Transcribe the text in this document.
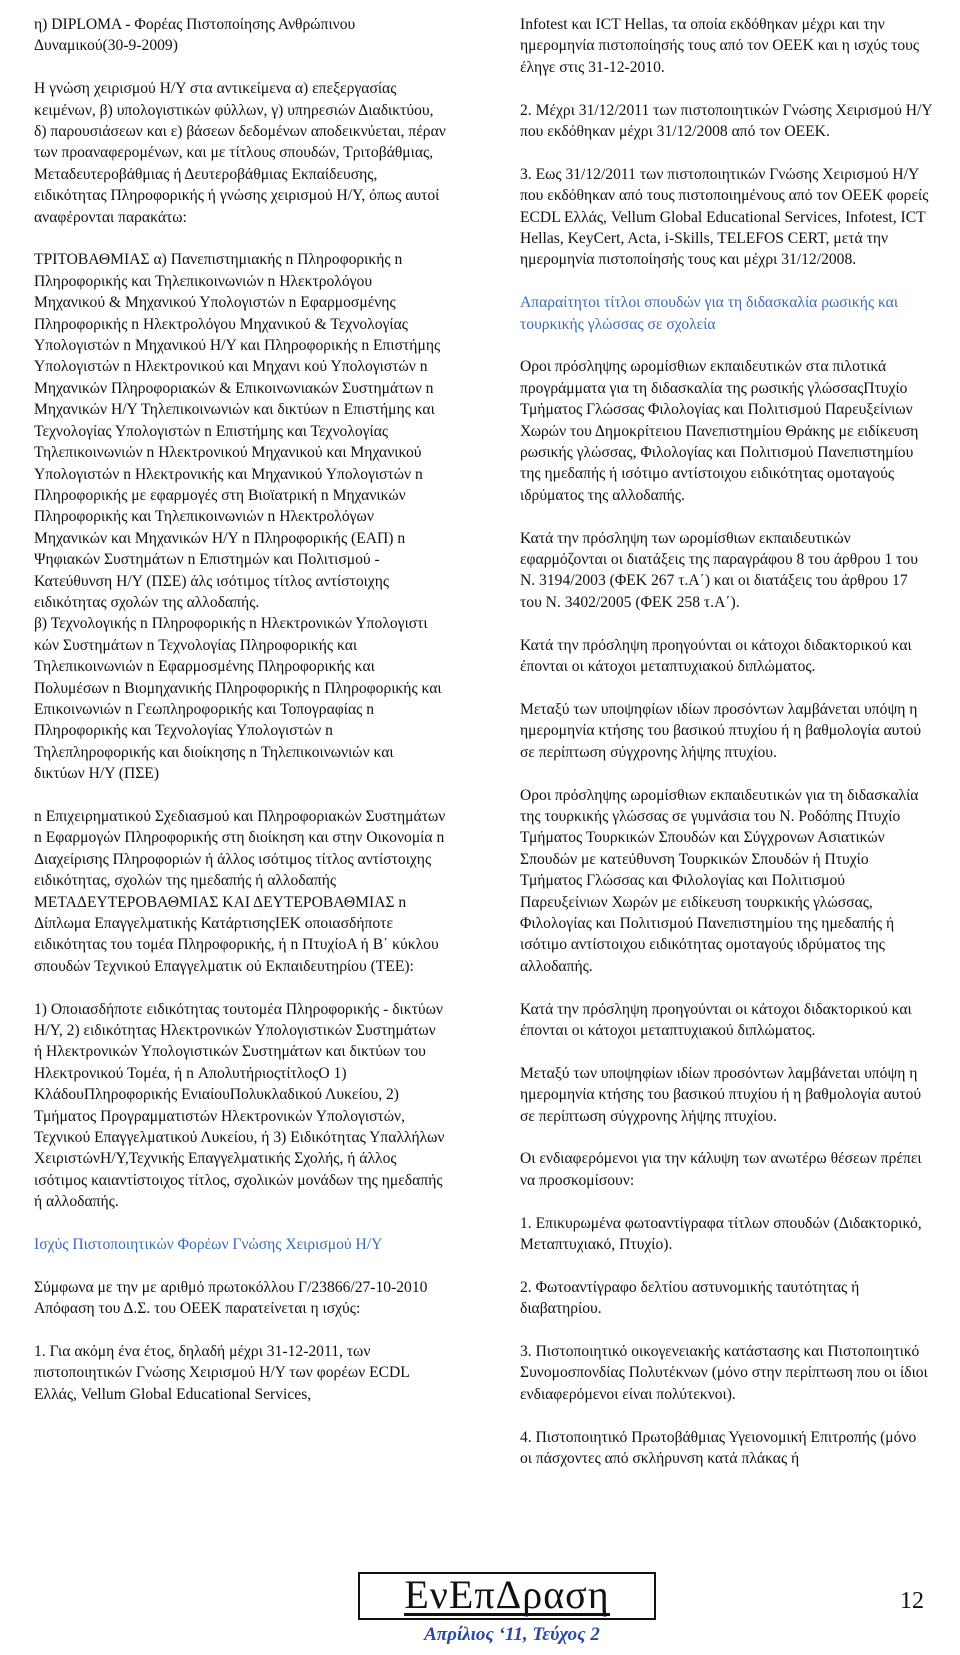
η) DIPLOMA - Φορέας Πιστοποίησης Ανθρώπινου Δυναμικού(30-9-2009)

Η γνώση χειρισμού Η/Υ στα αντικείμενα α) επεξεργασίας κειμένων, β) υπολογιστικών φύλλων, γ) υπηρεσιών Διαδικτύου, δ) παρουσιάσεων και ε) βάσεων δεδομένων αποδεικνύεται, πέραν των προαναφερομένων, και με τίτλους σπουδών, Τριτοβάθμιας, Μεταδευτεροβάθμιας ή Δευτεροβάθμιας Εκπαίδευσης, ειδικότητας Πληροφορικής ή γνώσης χειρισμού Η/Υ, όπως αυτοί αναφέρονται παρακάτω:

ΤΡΙΤΟΒΑΘΜΙΑΣ α) Πανεπιστημιακής n Πληροφορικής n Πληροφορικής και Τηλεπικοινωνιών n Ηλεκτρολόγου Μηχανικού & Μηχανικού Υπολογιστών n Εφαρμοσμένης Πληροφορικής n Ηλεκτρολόγου Μηχανικού & Τεχνολογίας Υπολογιστών n Μηχανικού Η/Υ και Πληροφορικής n Επιστήμης Υπολογιστών n Ηλεκτρονικού και Μηχανι κού Υπολογιστών n Μηχανικών Πληροφοριακών & Επικοινωνιακών Συστημάτων n Μηχανικών Η/Υ Τηλεπικοινωνιών και δικτύων n Επιστήμης και Τεχνολογίας Υπολογιστών n Επιστήμης και Τεχνολογίας Τηλεπικοινωνιών n Ηλεκτρονικού Μηχανικού και Μηχανικού Υπολογιστών n Ηλεκτρονικής και Μηχανικού Υπολογιστών n Πληροφορικής με εφαρμογές στη Βιοϊατρική n Μηχανικών Πληροφορικής και Τηλεπικοινωνιών n Ηλεκτρολόγων Μηχανικών και Μηχανικών Η/Υ n Πληροφορικής (ΕΑΠ) n Ψηφιακών Συστημάτων n Επιστημών και Πολιτισμού - Κατεύθυνση Η/Υ (ΠΣΕ) άλς ισότιμος τίτλος αντίστοιχης ειδικότητας σχολών της αλλοδαπής.

β) Τεχνολογικής n Πληροφορικής n Ηλεκτρονικών Υπολογιστι κών Συστημάτων n Τεχνολογίας Πληροφορικής και Τηλεπικοινωνιών n Εφαρμοσμένης Πληροφορικής και Πολυμέσων n Βιομηχανικής Πληροφορικής n Πληροφορικής και Επικοινωνιών n Γεωπληροφορικής και Τοπογραφίας n Πληροφορικής και Τεχνολογίας Υπολογιστών n Τηλεπληροφορικής και διοίκησης n Τηλεπικοινωνιών και δικτύων Η/Υ (ΠΣΕ)

n Επιχειρηματικού Σχεδιασμού και Πληροφοριακών Συστημάτων n Εφαρμογών Πληροφορικής στη διοίκηση και στην Οικονομία n Διαχείρισης Πληροφοριών ή άλλος ισότιμος τίτλος αντίστοιχης ειδικότητας, σχολών της ημεδαπής ή αλλοδαπής ΜΕΤΑΔΕΥΤΕΡΟΒΑΘΜΙΑΣ ΚΑΙ ΔΕΥΤΕΡΟΒΑΘΜΙΑΣ n Δίπλωμα Επαγγελματικής ΚατάρτισηςΙΕΚ οποιασδήποτε ειδικότητας του τομέα Πληροφορικής, ή n ΠτυχίοΑ ή Β΄ κύκλου σπουδών Τεχνικού Επαγγελματικ ού Εκπαιδευτηρίου (ΤΕΕ):

1) Οποιασδήποτε ειδικότητας τουτομέα Πληροφορικής - δικτύων Η/Υ, 2) ειδικότητας Ηλεκτρονικών Υπολογιστικών Συστημάτων ή Ηλεκτρονικών Υπολογιστικών Συστημάτων και δικτύων του Ηλεκτρονικού Τομέα, ή n ΑπολυτήριοςτίτλοςΟ 1) ΚλάδουΠληροφορικής ΕνιαίουΠολυκλαδικού Λυκείου, 2) Τμήματος Προγραμματιστών Ηλεκτρονικών Υπολογιστών, Τεχνικού Επαγγελματικού Λυκείου, ή 3) Ειδικότητας Υπαλλήλων ΧειριστώνΗ/Υ,Τεχνικής Επαγγελματικής Σχολής, ή άλλος ισότιμος καιαντίστοιχος τίτλος, σχολικών μονάδων της ημεδαπής ή αλλοδαπής.

Ισχύς Πιστοποιητικών Φορέων Γνώσης Χειρισμού Η/Υ

Σύμφωνα με την με αριθμό πρωτοκόλλου Γ/23866/27-10-2010 Απόφαση του Δ.Σ. του ΟΕΕΚ παρατείνεται η ισχύς:

1. Για ακόμη ένα έτος, δηλαδή μέχρι 31-12-2011, των πιστοποιητικών Γνώσης Χειρισμού Η/Υ των φορέων ECDL Ελλάς, Vellum Global Educational Services,

Infotest και ICT Hellas, τα οποία εκδόθηκαν μέχρι και την ημερομηνία πιστοποίησής τους από τον ΟΕΕΚ και η ισχύς τους έληγε στις 31-12-2010.

2. Μέχρι 31/12/2011 των πιστοποιητικών Γνώσης Χειρισμού Η/Υ που εκδόθηκαν μέχρι 31/12/2008 από τον ΟΕΕΚ.

3. Εως 31/12/2011 των πιστοποιητικών Γνώσης Χειρισμού Η/Υ που εκδόθηκαν από τους πιστοποιημένους από τον ΟΕΕΚ φορείς ECDL Ελλάς, Vellum Global Educational Services, Infotest, ICT Hellas, KeyCert, Acta, i-Skills, TELEFOS CERT, μετά την ημερομηνία πιστοποίησής τους και μέχρι 31/12/2008.

Απαραίτητοι τίτλοι σπουδών για τη διδασκαλία ρωσικής και τουρκικής γλώσσας σε σχολεία

Οροι πρόσληψης ωρομίσθιων εκπαιδευτικών στα πιλοτικά προγράμματα για τη διδασκαλία της ρωσικής γλώσσαςΠτυχίο Τμήματος Γλώσσας Φιλολογίας και Πολιτισμού Παρευξείνιων Χωρών του Δημοκρίτειου Πανεπιστημίου Θράκης με ειδίκευση ρωσικής γλώσσας, Φιλολογίας και Πολιτισμού Πανεπιστημίου της ημεδαπής ή ισότιμο αντίστοιχου ειδικότητας ομοταγούς ιδρύματος της αλλοδαπής.

Κατά την πρόσληψη των ωρομίσθιων εκπαιδευτικών εφαρμόζονται οι διατάξεις της παραγράφου 8 του άρθρου 1 του Ν. 3194/2003 (ΦΕΚ 267 τ.Α΄) και οι διατάξεις του άρθρου 17 του Ν. 3402/2005 (ΦΕΚ 258 τ.Α΄).

Κατά την πρόσληψη προηγούνται οι κάτοχοι διδακτορικού και έπονται οι κάτοχοι μεταπτυχιακού διπλώματος.

Μεταξύ των υποψηφίων ιδίων προσόντων λαμβάνεται υπόψη η ημερομηνία κτήσης του βασικού πτυχίου ή η βαθμολογία αυτού σε περίπτωση σύγχρονης λήψης πτυχίου.

Οροι πρόσληψης ωρομίσθιων εκπαιδευτικών για τη διδασκαλία της τουρκικής γλώσσας σε γυμνάσια του Ν. Ροδόπης Πτυχίο Τμήματος Τουρκικών Σπουδών και Σύγχρονων Ασιατικών Σπουδών με κατεύθυνση Τουρκικών Σπουδών ή Πτυχίο Τμήματος Γλώσσας και Φιλολογίας και Πολιτισμού Παρευξείνιων Χωρών με ειδίκευση τουρκικής γλώσσας, Φιλολογίας και Πολιτισμού Πανεπιστημίου της ημεδαπής ή ισότιμο αντίστοιχου ειδικότητας ομοταγούς ιδρύματος της αλλοδαπής.

Κατά την πρόσληψη προηγούνται οι κάτοχοι διδακτορικού και έπονται οι κάτοχοι μεταπτυχιακού διπλώματος.

Μεταξύ των υποψηφίων ιδίων προσόντων λαμβάνεται υπόψη η ημερομηνία κτήσης του βασικού πτυχίου ή η βαθμολογία αυτού σε περίπτωση σύγχρονης λήψης πτυχίου.

Οι ενδιαφερόμενοι για την κάλυψη των ανωτέρω θέσεων πρέπει να προσκομίσουν:

1. Επικυρωμένα φωτοαντίγραφα τίτλων σπουδών (Διδακτορικό, Μεταπτυχιακό, Πτυχίο).

2. Φωτοαντίγραφο δελτίου αστυνομικής ταυτότητας ή διαβατηρίου.

3. Πιστοποιητικό οικογενειακής κατάστασης και Πιστοποιητικό Συνομοσπονδίας Πολυτέκνων (μόνο στην περίπτωση που οι ίδιοι ενδιαφερόμενοι είναι πολύτεκνοι).

4. Πιστοποιητικό Πρωτοβάθμιας Υγειονομική Επιτροπής (μόνο οι πάσχοντες από σκλήρυνση κατά πλάκας ή

ΕνΕπΔραση
Απρίλιος ‘11, Τεύχος 2
12
